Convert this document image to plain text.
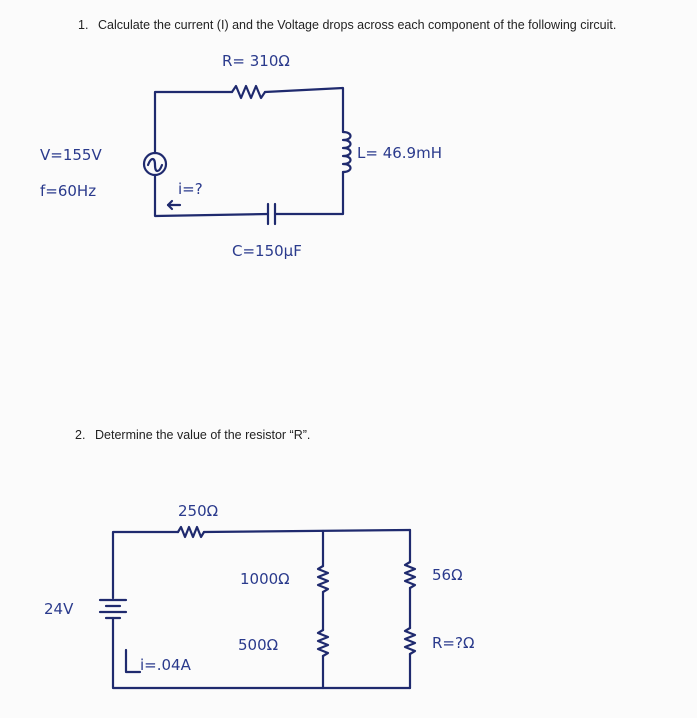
1. Calculate the current (I) and the Voltage drops across each component of the following circuit.
2. Determine the value of the resistor “R”.
R= 310Ω
V=155V
f=60Hz	i=?
L= 46.9mH
C=150μF
250Ω
24V
i=.04A
1000Ω
500Ω
56Ω
R=?Ω
